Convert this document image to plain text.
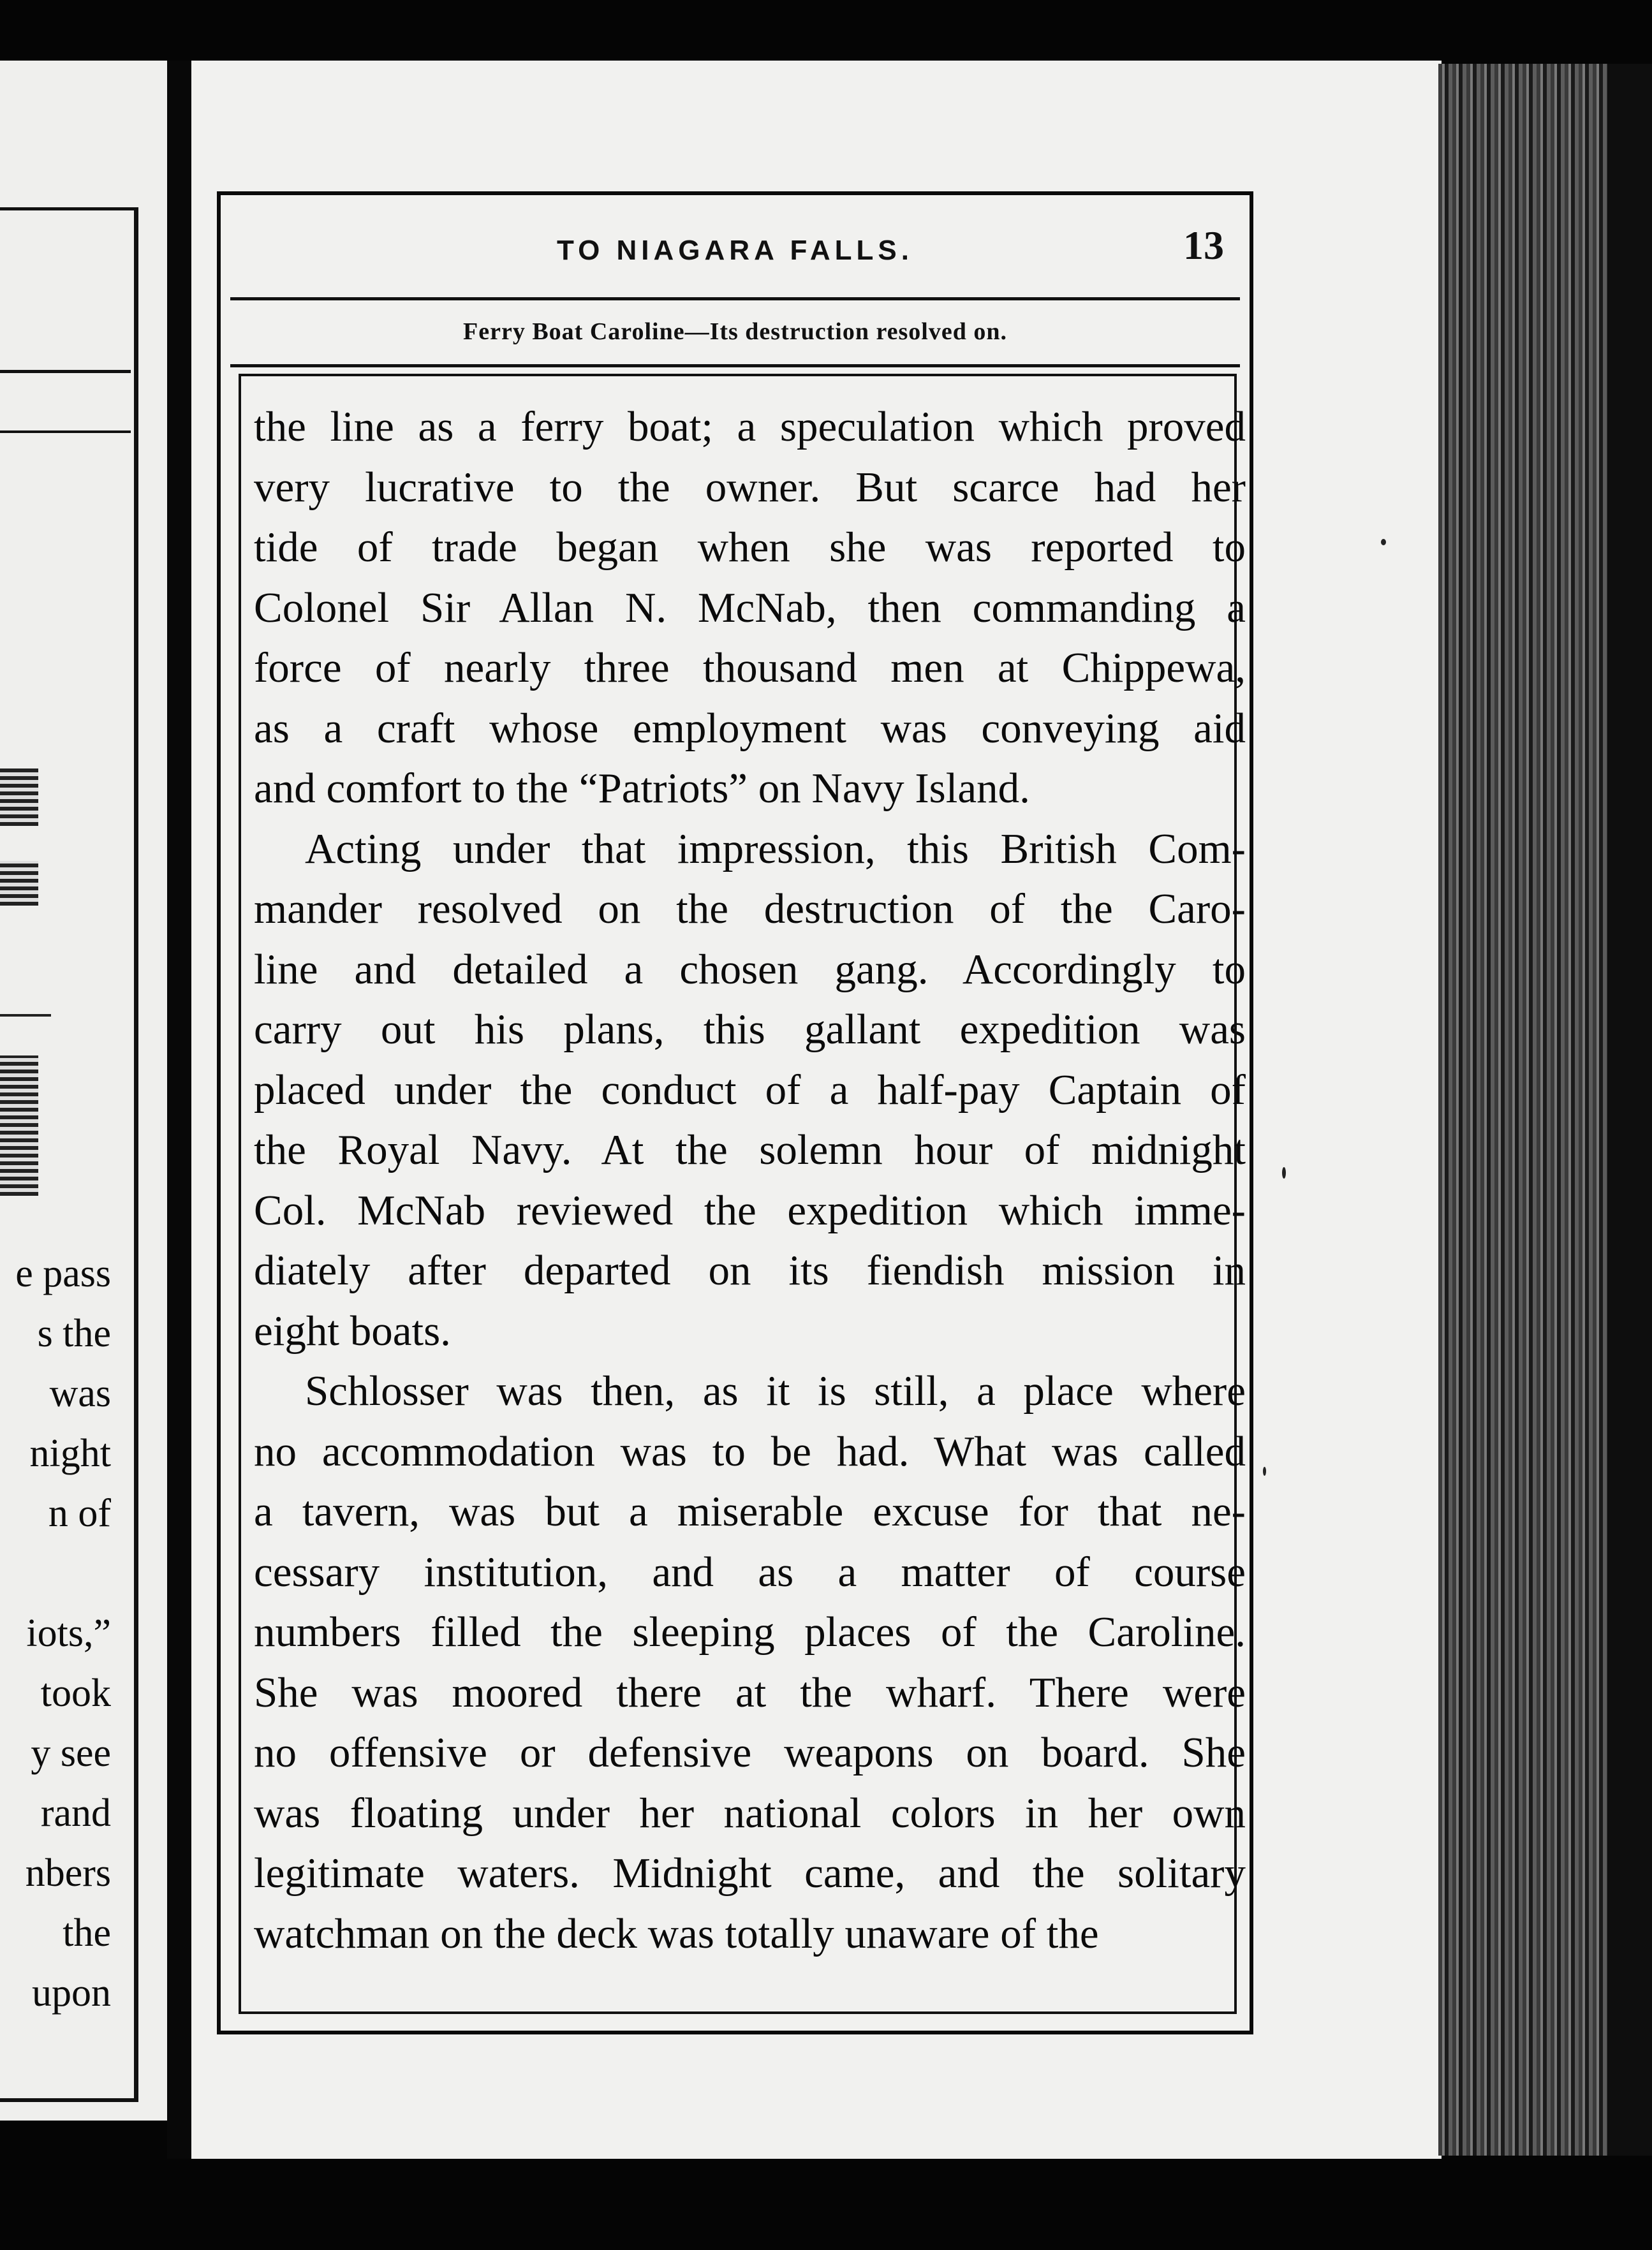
e pass
s the
was
night
n of

iots,”
took
y see
rand
nbers
the
upon
TO NIAGARA FALLS.	13
Ferry Boat Caroline—Its destruction resolved on.

the line as a ferry boat; a speculation which proved
very lucrative to the owner. But scarce had her
tide of trade began when she was reported to
Colonel Sir Allan N. McNab, then commanding a
force of nearly three thousand men at Chippewa,
as a craft whose employment was conveying aid
and comfort to the “Patriots” on Navy Island.

Acting under that impression, this British Com-
mander resolved on the destruction of the Caro-
line and detailed a chosen gang. Accordingly to
carry out his plans, this gallant expedition was
placed under the conduct of a half-pay Captain of
the Royal Navy. At the solemn hour of midnight
Col. McNab reviewed the expedition which imme-
diately after departed on its fiendish mission in
eight boats.

Schlosser was then, as it is still, a place where
no accommodation was to be had. What was called
a tavern, was but a miserable excuse for that ne-
cessary institution, and as a matter of course
numbers filled the sleeping places of the Caroline.
She was moored there at the wharf. There were
no offensive or defensive weapons on board. She
was floating under her national colors in her own
legitimate waters. Midnight came, and the solitary
watchman on the deck was totally unaware of the
